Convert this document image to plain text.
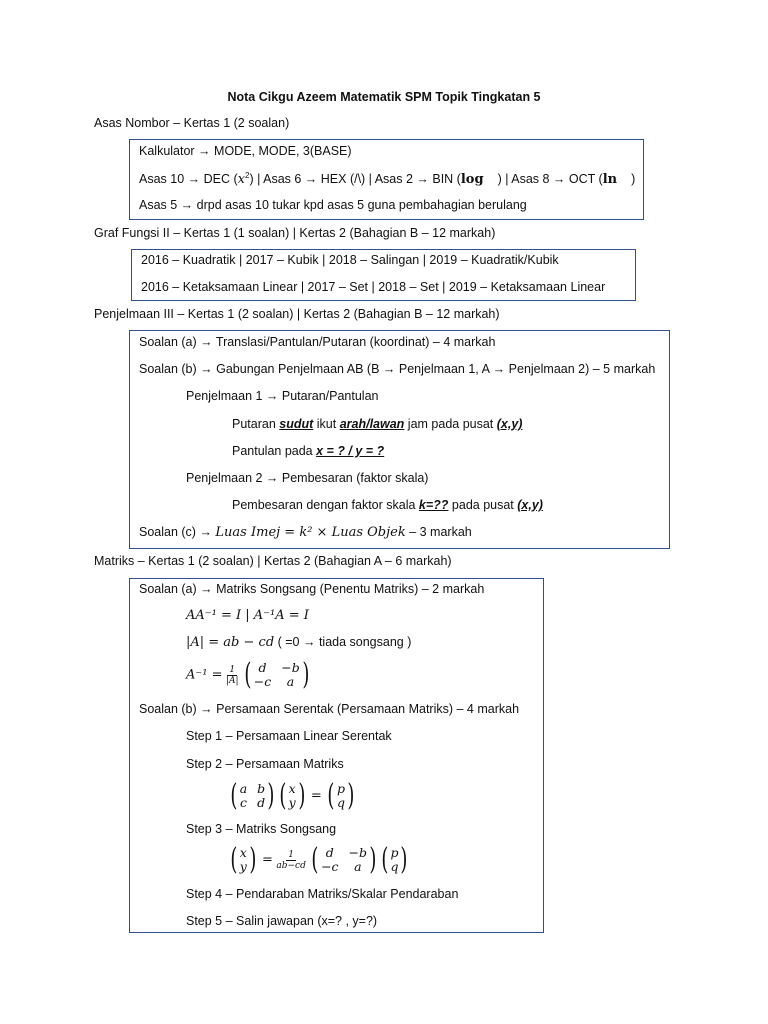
Nota Cikgu Azeem Matematik SPM Topik Tingkatan 5
Asas Nombor – Kertas 1 (2 soalan)
Kalkulator → MODE, MODE, 3(BASE)
Asas 10 → DEC $(x^2)$ | Asas 6 → HEX (/\) | Asas 2 → BIN (log ) | Asas 8 → OCT (ln )
Asas 5 → drpd asas 10 tukar kpd asas 5 guna pembahagian berulang
Graf Fungsi II – Kertas 1 (1 soalan) | Kertas 2 (Bahagian B – 12 markah)
2016 – Kuadratik | 2017 – Kubik | 2018 – Salingan | 2019 – Kuadratik/Kubik
2016 – Ketaksamaan Linear | 2017 – Set | 2018 – Set | 2019 – Ketaksamaan Linear
Penjelmaan III – Kertas 1 (2 soalan) | Kertas 2 (Bahagian B – 12 markah)
Soalan (a) → Translasi/Pantulan/Putaran (koordinat) – 4 markah
Soalan (b) → Gabungan Penjelmaan AB (B → Penjelmaan 1, A → Penjelmaan 2) – 5 markah
Penjelmaan 1 → Putaran/Pantulan
Putaran sudut ikut arah/lawan jam pada pusat (x,y)
Pantulan pada x = ? / y = ?
Penjelmaan 2 → Pembesaran (faktor skala)
Pembesaran dengan faktor skala k=?? pada pusat (x,y)
Soalan (c) → Luas Imej = k² × Luas Objek – 3 markah
Matriks – Kertas 1 (2 soalan) | Kertas 2 (Bahagian A – 6 markah)
Soalan (a) → Matriks Songsang (Penentu Matriks) – 2 markah
AA⁻¹ = I | A⁻¹A = I
|A| = ab − cd ( =0 → tiada songsang )
$A^{-1} = \frac{1}{|A|}$
( d	−b
−c	a )
Soalan (b) → Persamaan Serentak (Persamaan Matriks) – 4 markah
Step 1 – Persamaan Linear Serentak
Step 2 – Persamaan Matriks
( a b
c d ) ( x
y ) = ( p
q )
Step 3 – Matriks Songsang
( x
y ) = $\frac{1}{ab-cd}$
( d	−b
−c	a ) ( p
q )
Step 4 – Pendaraban Matriks/Skalar Pendaraban
Step 5 – Salin jawapan (x=? , y=?)
